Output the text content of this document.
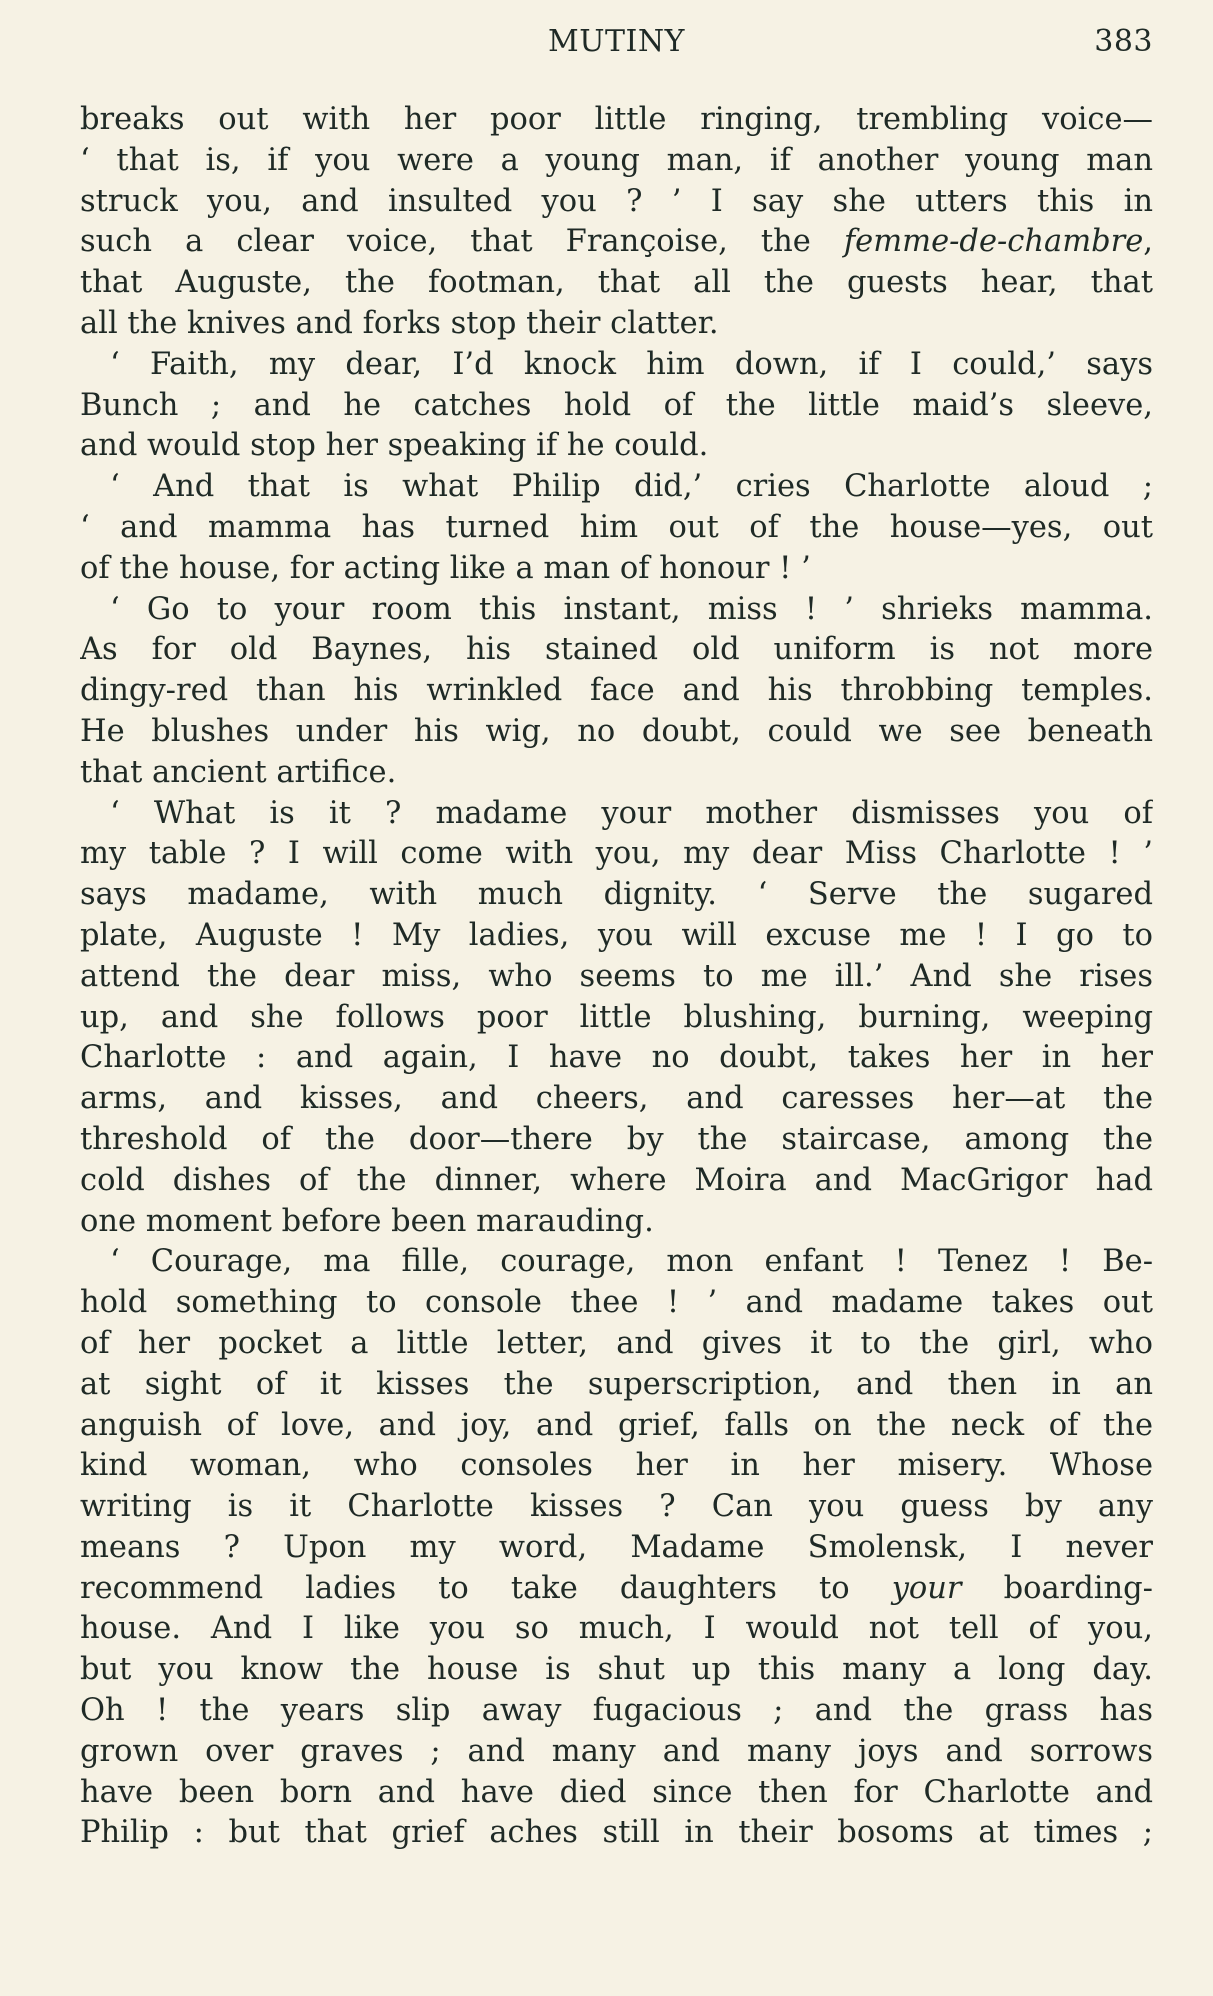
MUTINY	383
breaks out with her poor little ringing, trembling voice—
‘ that is, if you were a young man, if another young man
struck you, and insulted you ? ’ I say she utters this in
such a clear voice, that Françoise, the femme-de-chambre,
that Auguste, the footman, that all the guests hear, that
all the knives and forks stop their clatter.
‘ Faith, my dear, I’d knock him down, if I could,’ says
Bunch ; and he catches hold of the little maid’s sleeve,
and would stop her speaking if he could.
‘ And that is what Philip did,’ cries Charlotte aloud ;
‘ and mamma has turned him out of the house—yes, out
of the house, for acting like a man of honour ! ’
‘ Go to your room this instant, miss ! ’ shrieks mamma.
As for old Baynes, his stained old uniform is not more
dingy-red than his wrinkled face and his throbbing temples.
He blushes under his wig, no doubt, could we see beneath
that ancient artifice.
‘ What is it ? madame your mother dismisses you of
my table ? I will come with you, my dear Miss Charlotte ! ’
says madame, with much dignity. ‘ Serve the sugared
plate, Auguste ! My ladies, you will excuse me ! I go to
attend the dear miss, who seems to me ill.’ And she rises
up, and she follows poor little blushing, burning, weeping
Charlotte : and again, I have no doubt, takes her in her
arms, and kisses, and cheers, and caresses her—at the
threshold of the door—there by the staircase, among the
cold dishes of the dinner, where Moira and MacGrigor had
one moment before been marauding.
‘ Courage, ma fille, courage, mon enfant ! Tenez ! Be-
hold something to console thee ! ’ and madame takes out
of her pocket a little letter, and gives it to the girl, who
at sight of it kisses the superscription, and then in an
anguish of love, and joy, and grief, falls on the neck of the
kind woman, who consoles her in her misery. Whose
writing is it Charlotte kisses ? Can you guess by any
means ? Upon my word, Madame Smolensk, I never
recommend ladies to take daughters to your boarding-
house. And I like you so much, I would not tell of you,
but you know the house is shut up this many a long day.
Oh ! the years slip away fugacious ; and the grass has
grown over graves ; and many and many joys and sorrows
have been born and have died since then for Charlotte and
Philip : but that grief aches still in their bosoms at times ;
